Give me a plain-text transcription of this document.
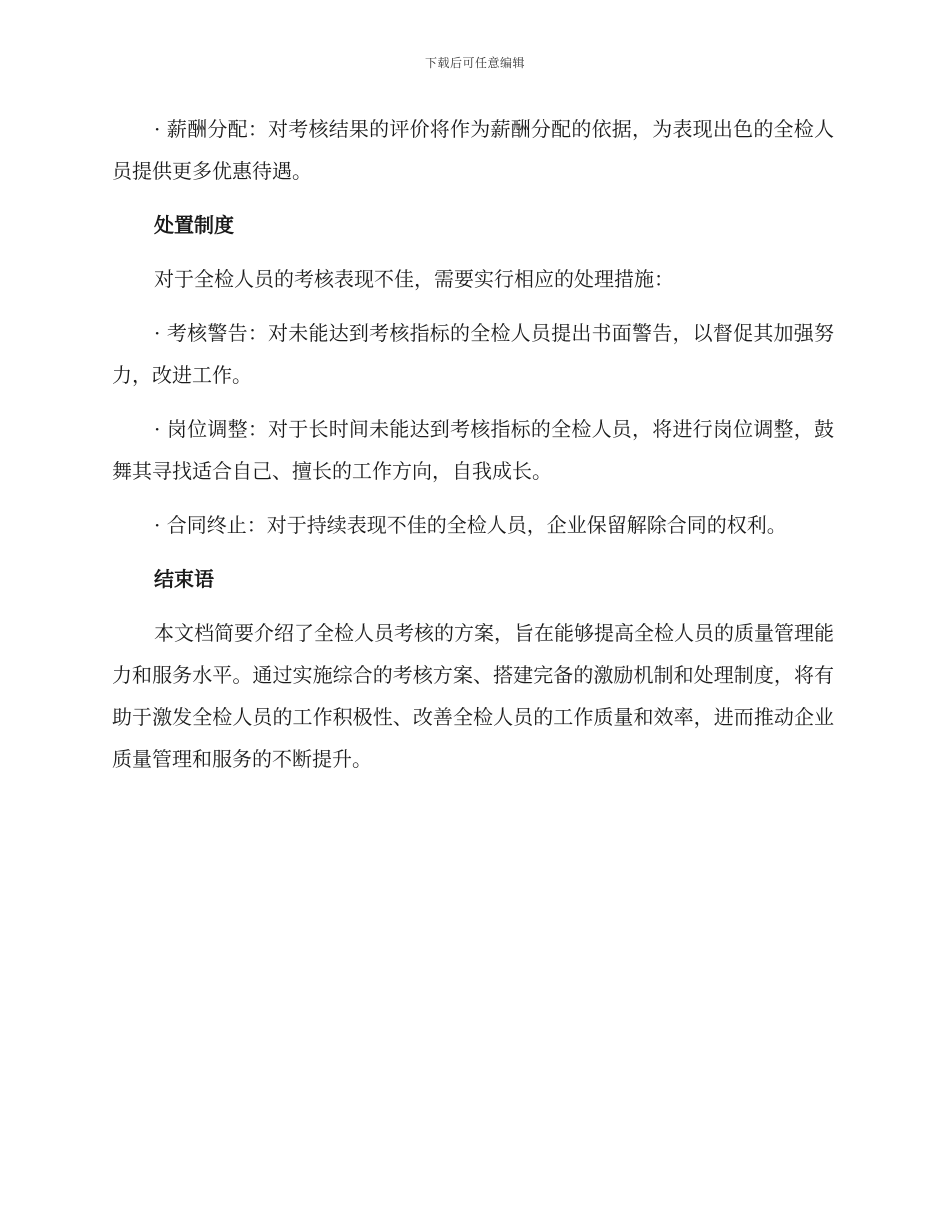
下载后可任意编辑

· 薪酬分配：对考核结果的评价将作为薪酬分配的依据，为表现出色的全检人员提供更多优惠待遇。

处置制度

对于全检人员的考核表现不佳，需要实行相应的处理措施：

· 考核警告：对未能达到考核指标的全检人员提出书面警告，以督促其加强努力，改进工作。

· 岗位调整：对于长时间未能达到考核指标的全检人员，将进行岗位调整，鼓舞其寻找适合自己、擅长的工作方向，自我成长。

· 合同终止：对于持续表现不佳的全检人员，企业保留解除合同的权利。

结束语

本文档简要介绍了全检人员考核的方案，旨在能够提高全检人员的质量管理能力和服务水平。通过实施综合的考核方案、搭建完备的激励机制和处理制度，将有助于激发全检人员的工作积极性、改善全检人员的工作质量和效率，进而推动企业质量管理和服务的不断提升。
